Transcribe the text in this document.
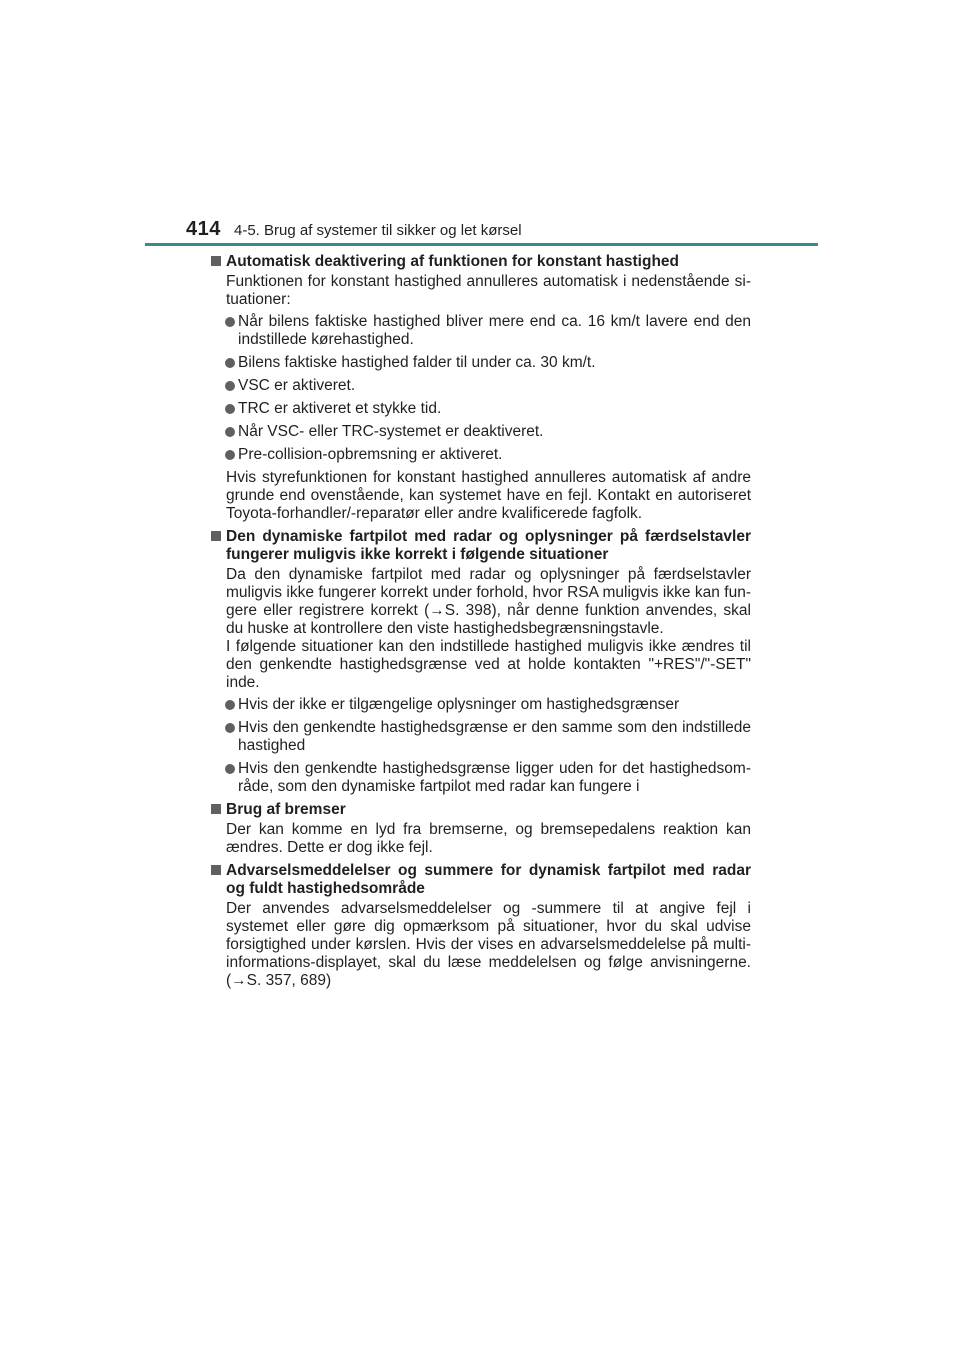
414 4-5. Brug af systemer til sikker og let kørsel
Automatisk deaktivering af funktionen for konstant hastighed
Funktionen for konstant hastighed annulleres automatisk i nedenstående si-tuationer:
Når bilens faktiske hastighed bliver mere end ca. 16 km/t lavere end den indstillede kørehastighed.
Bilens faktiske hastighed falder til under ca. 30 km/t.
VSC er aktiveret.
TRC er aktiveret et stykke tid.
Når VSC- eller TRC-systemet er deaktiveret.
Pre-collision-opbremsning er aktiveret.
Hvis styrefunktionen for konstant hastighed annulleres automatisk af andre grunde end ovenstående, kan systemet have en fejl. Kontakt en autoriseret Toyota-forhandler/-reparatør eller andre kvalificerede fagfolk.
Den dynamiske fartpilot med radar og oplysninger på færdselstavler fungerer muligvis ikke korrekt i følgende situationer
Da den dynamiske fartpilot med radar og oplysninger på færdselstavler muligvis ikke fungerer korrekt under forhold, hvor RSA muligvis ikke kan fun-gere eller registrere korrekt (→S. 398), når denne funktion anvendes, skal du huske at kontrollere den viste hastighedsbegrænsningstavle.
I følgende situationer kan den indstillede hastighed muligvis ikke ændres til den genkendte hastighedsgrænse ved at holde kontakten "+RES"/"-SET" inde.
Hvis der ikke er tilgængelige oplysninger om hastighedsgrænser
Hvis den genkendte hastighedsgrænse er den samme som den indstillede hastighed
Hvis den genkendte hastighedsgrænse ligger uden for det hastighedsom-råde, som den dynamiske fartpilot med radar kan fungere i
Brug af bremser
Der kan komme en lyd fra bremserne, og bremsepedalens reaktion kan ændres. Dette er dog ikke fejl.
Advarselsmeddelelser og summere for dynamisk fartpilot med radar og fuldt hastighedsområde
Der anvendes advarselsmeddelelser og -summere til at angive fejl i systemet eller gøre dig opmærksom på situationer, hvor du skal udvise forsigtighed under kørslen. Hvis der vises en advarselsmeddelelse på multi-informations-displayet, skal du læse meddelelsen og følge anvisningerne. (→S. 357, 689)
